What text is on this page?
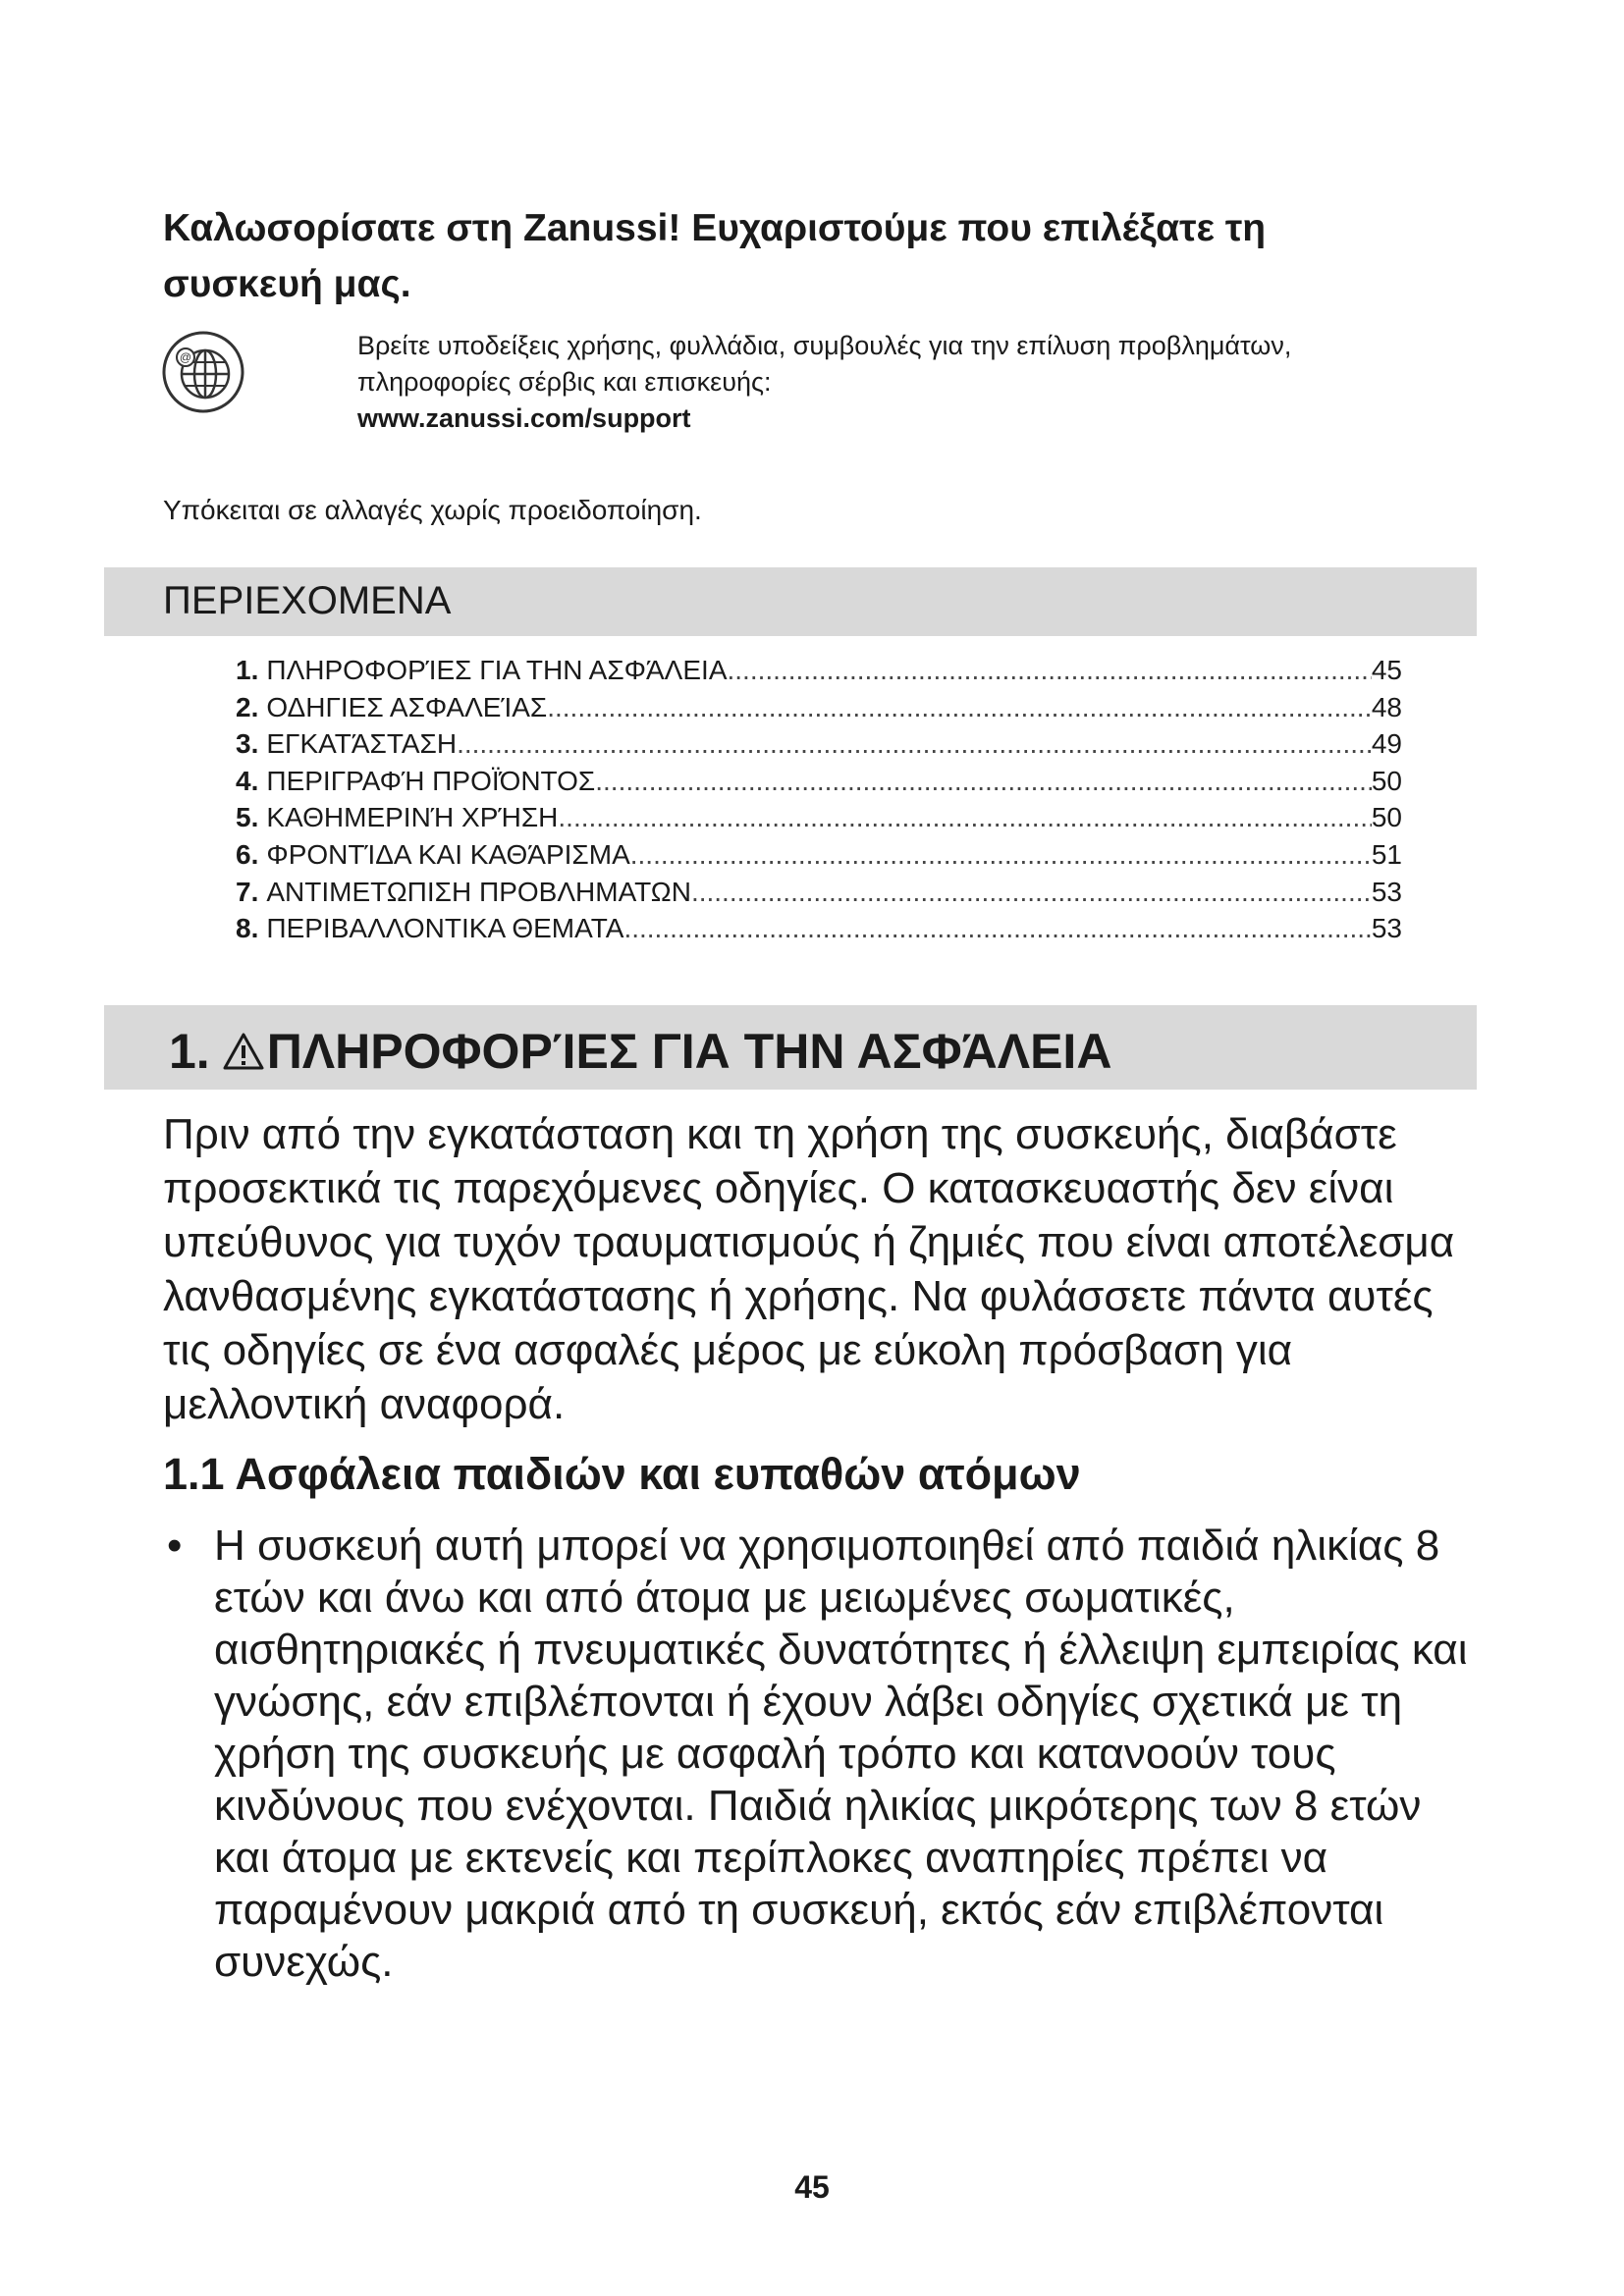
Καλωσορίσατε στη Zanussi! Ευχαριστούμε που επιλέξατε τη συσκευή μας.
@	Βρείτε υποδείξεις χρήσης, φυλλάδια, συμβουλές για την επίλυση προβλημάτων,
πληροφορίες σέρβις και επισκευής:
www.zanussi.com/support
Υπόκειται σε αλλαγές χωρίς προειδοποίηση.
ΠΕΡΙΕΧΟΜΕΝΑ
1. ΠΛΗΡΟΦΟΡΊΕΣ ΓΙΑ ΤΗΝ ΑΣΦΆΛΕΙΑ .....	45
2. ΟΔΗΓΙΕΣ ΑΣΦΑΛΕΊΑΣ .....	48
3. ΕΓΚΑΤΆΣΤΑΣΗ .....	49
4. ΠΕΡΙΓΡΑΦΉ ΠΡΟΪΌΝΤΟΣ .....	50
5. ΚΑΘΗΜΕΡΙΝΉ ΧΡΉΣΗ .....	50
6. ΦΡΟΝΤΊΔΑ ΚΑΙ ΚΑΘΆΡΙΣΜΑ .....	51
7. ΑΝΤΙΜΕΤΩΠΙΣΗ ΠΡΟΒΛΗΜΑΤΩΝ .....	53
8. ΠΕΡΙΒΑΛΛΟΝΤΙΚΑ ΘΕΜΑΤΑ .....	53
1. ΠΛΗΡΟΦΟΡΊΕΣ ΓΙΑ ΤΗΝ ΑΣΦΆΛΕΙΑ

Πριν από την εγκατάσταση και τη χρήση της συσκευής, διαβάστε προσεκτικά τις παρεχόμενες οδηγίες. Ο κατασκευαστής δεν είναι υπεύθυνος για τυχόν τραυματισμούς ή ζημιές που είναι αποτέλεσμα λανθασμένης εγκατάστασης ή χρήσης. Να φυλάσσετε πάντα αυτές τις οδηγίες σε ένα ασφαλές μέρος με εύκολη πρόσβαση για μελλοντική αναφορά.

1.1 Ασφάλεια παιδιών και ευπαθών ατόμων

• Η συσκευή αυτή μπορεί να χρησιμοποιηθεί από παιδιά ηλικίας 8 ετών και άνω και από άτομα με μειωμένες σωματικές, αισθητηριακές ή πνευματικές δυνατότητες ή έλλειψη εμπειρίας και γνώσης, εάν επιβλέπονται ή έχουν λάβει οδηγίες σχετικά με τη χρήση της συσκευής με ασφαλή τρόπο και κατανοούν τους κινδύνους που ενέχονται. Παιδιά ηλικίας μικρότερης των 8 ετών και άτομα με εκτενείς και περίπλοκες αναπηρίες πρέπει να παραμένουν μακριά από τη συσκευή, εκτός εάν επιβλέπονται συνεχώς.

45
